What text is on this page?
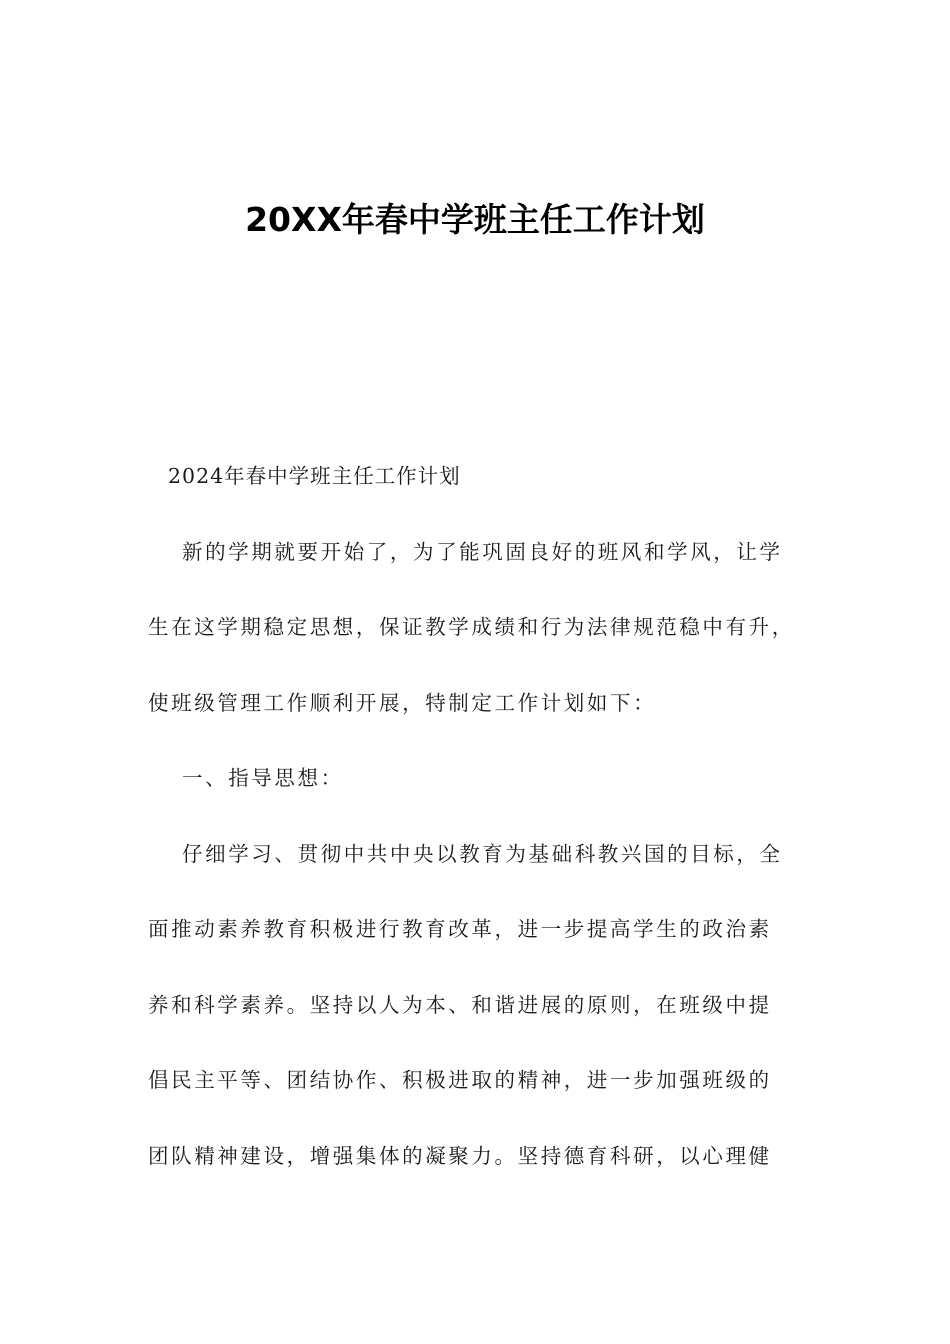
20XX年春中学班主任工作计划
2024年春中学班主任工作计划
新的学期就要开始了，为了能巩固良好的班风和学风，让学
生在这学期稳定思想，保证教学成绩和行为法律规范稳中有升，
使班级管理工作顺利开展，特制定工作计划如下：
一、指导思想：
仔细学习、贯彻中共中央以教育为基础科教兴国的目标，全
面推动素养教育积极进行教育改革，进一步提高学生的政治素
养和科学素养。坚持以人为本、和谐进展的原则，在班级中提
倡民主平等、团结协作、积极进取的精神，进一步加强班级的
团队精神建设，增强集体的凝聚力。坚持德育科研，以心理健
